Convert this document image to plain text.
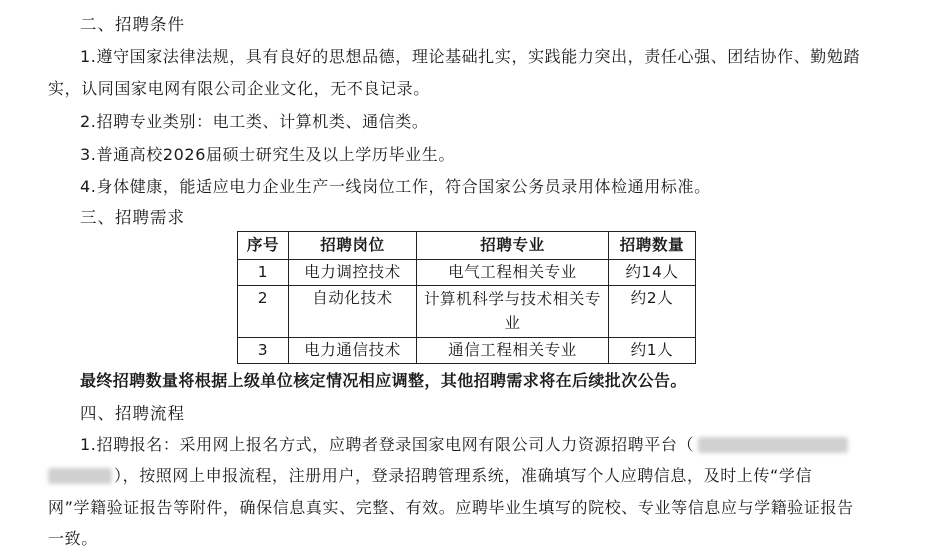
二、招聘条件
1.遵守国家法律法规，具有良好的思想品德，理论基础扎实，实践能力突出，责任心强、团结协作、勤勉踏
实，认同国家电网有限公司企业文化，无不良记录。
2.招聘专业类别：电工类、计算机类、通信类。
3.普通高校2026届硕士研究生及以上学历毕业生。
4.身体健康，能适应电力企业生产一线岗位工作，符合国家公务员录用体检通用标准。
三、招聘需求
序号	招聘岗位	招聘专业	招聘数量
1	电力调控技术	电气工程相关专业	约14人
2	自动化技术	计算机科学与技术相关专业	约2人
3	电力通信技术	通信工程相关专业	约1人
最终招聘数量将根据上级单位核定情况相应调整，其他招聘需求将在后续批次公告。
四、招聘流程
1.招聘报名：采用网上报名方式，应聘者登录国家电网有限公司人力资源招聘平台（
），按照网上申报流程，注册用户，登录招聘管理系统，准确填写个人应聘信息，及时上传“学信
网”学籍验证报告等附件，确保信息真实、完整、有效。应聘毕业生填写的院校、专业等信息应与学籍验证报告
一致。
